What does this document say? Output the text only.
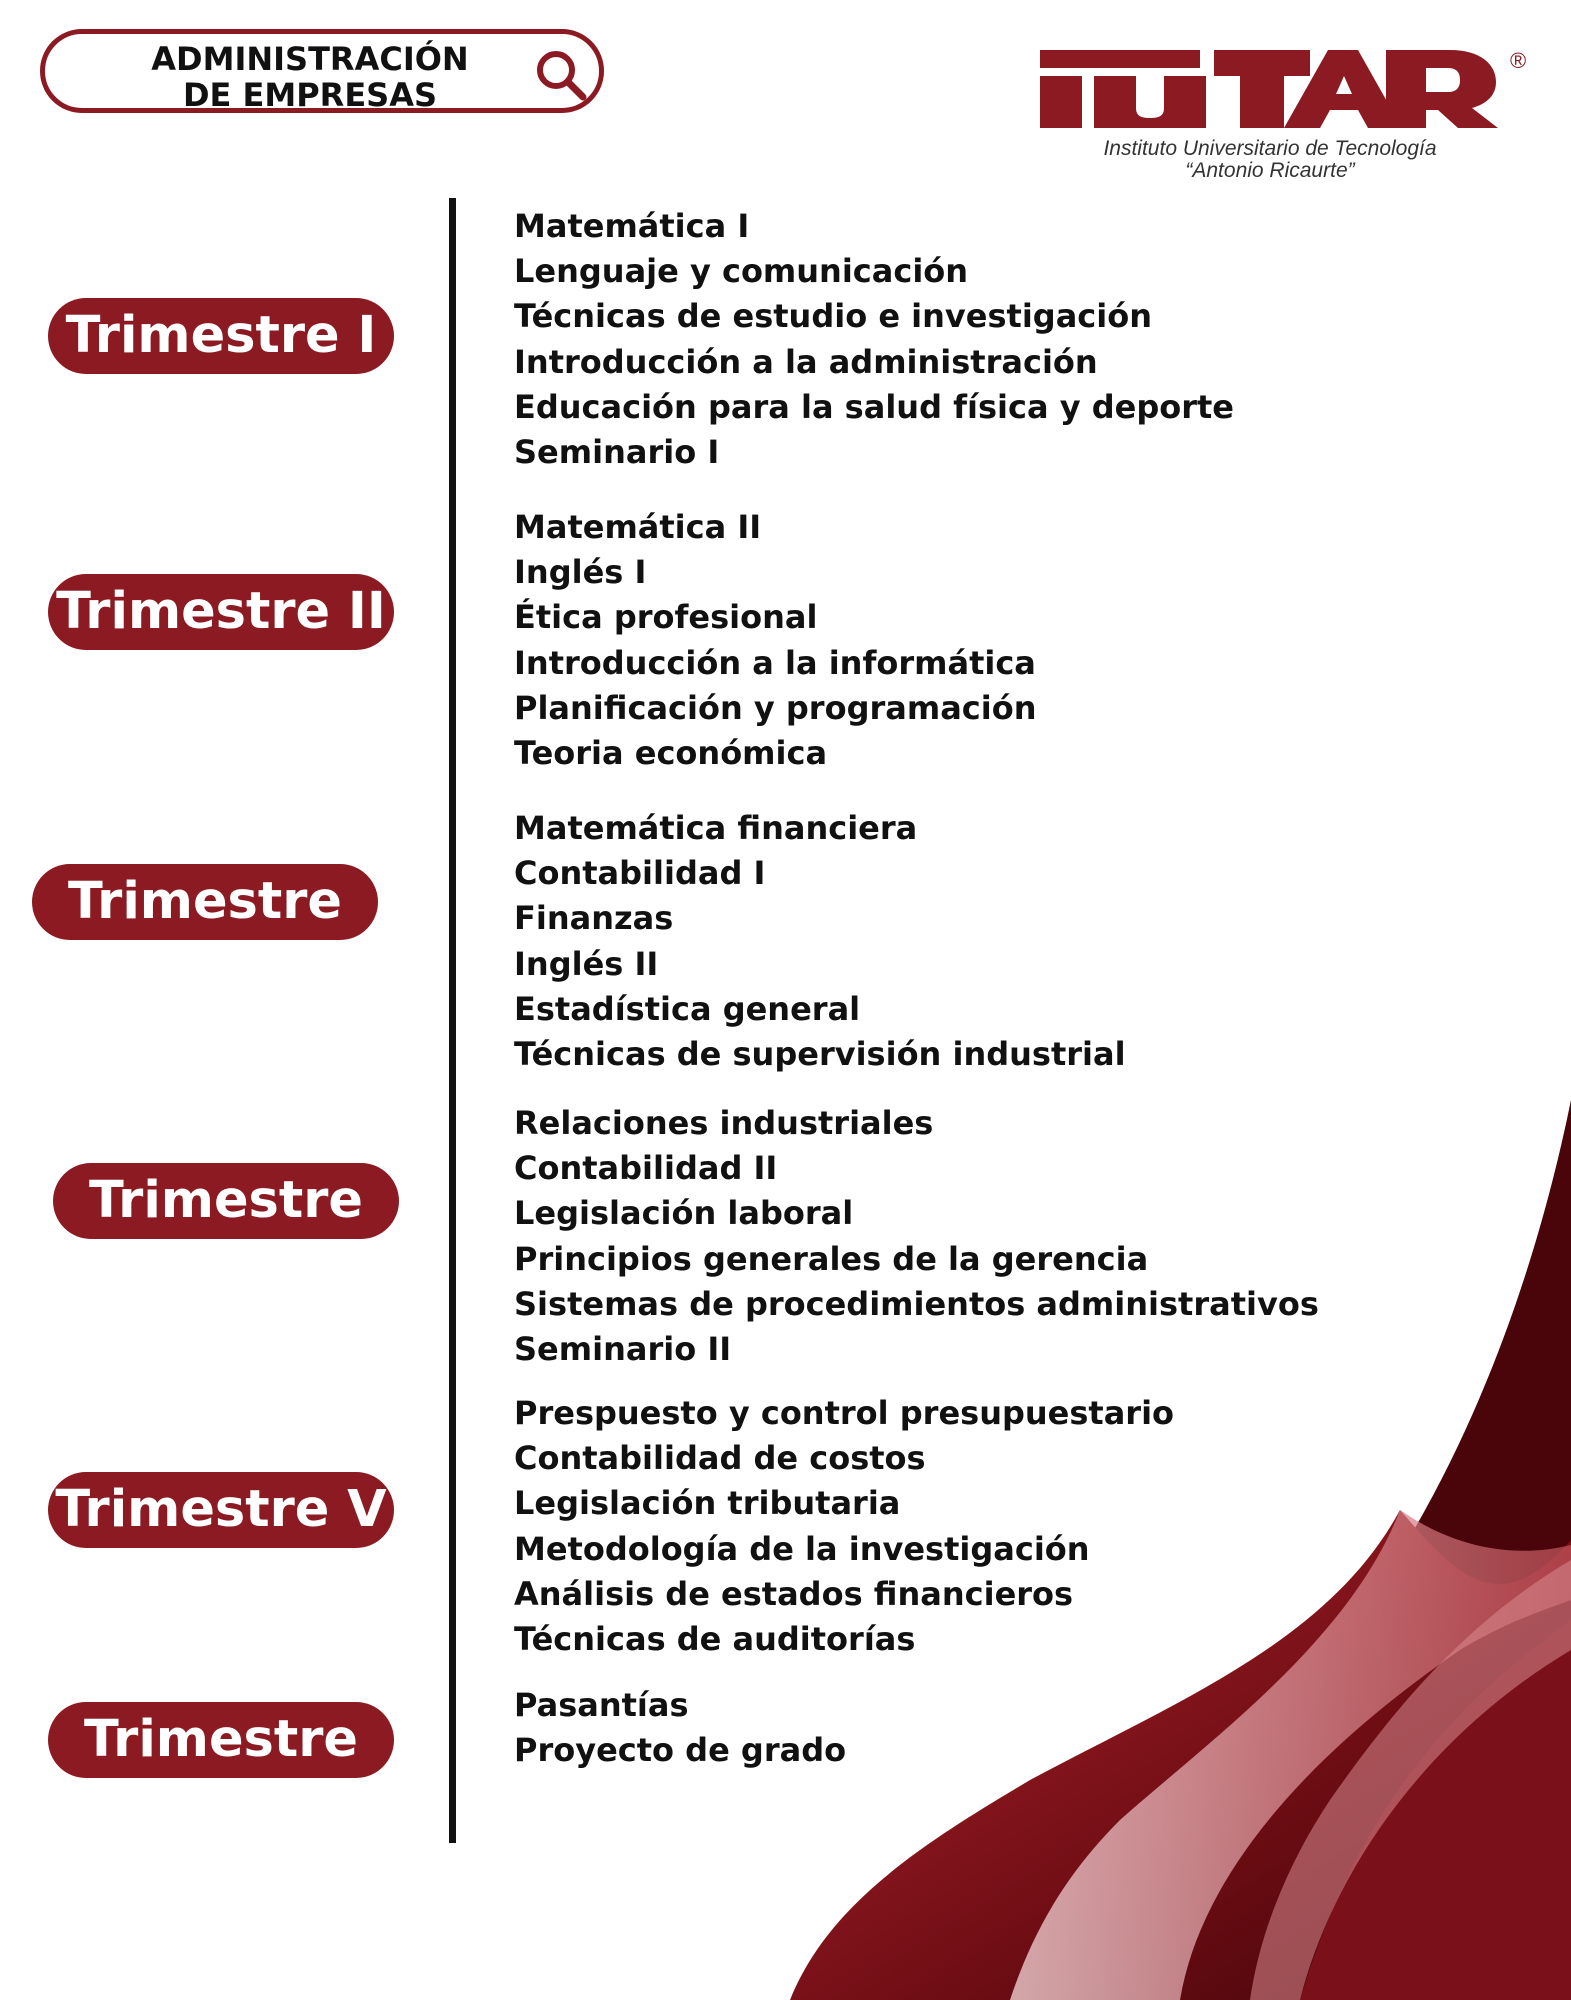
ADMINISTRACIÓN
DE EMPRESAS
®
Instituto Universitario de Tecnología
“Antonio Ricaurte”
Trimestre I
Matemática I
Lenguaje y comunicación
Técnicas de estudio e investigación
Introducción a la administración
Educación para la salud física y deporte
Seminario I
Trimestre II
Matemática II
Inglés I
Ética profesional
Introducción a la informática
Planificación y programación
Teoria económica
Trimestre III
Matemática financiera
Contabilidad I
Finanzas
Inglés II
Estadística general
Técnicas de supervisión industrial
Trimestre IV
Relaciones industriales
Contabilidad II
Legislación laboral
Principios generales de la gerencia
Sistemas de procedimientos administrativos
Seminario II
Trimestre V
Prespuesto y control presupuestario
Contabilidad de costos
Legislación tributaria
Metodología de la investigación
Análisis de estados financieros
Técnicas de auditorías
Trimestre VI
Pasantías
Proyecto de grado
